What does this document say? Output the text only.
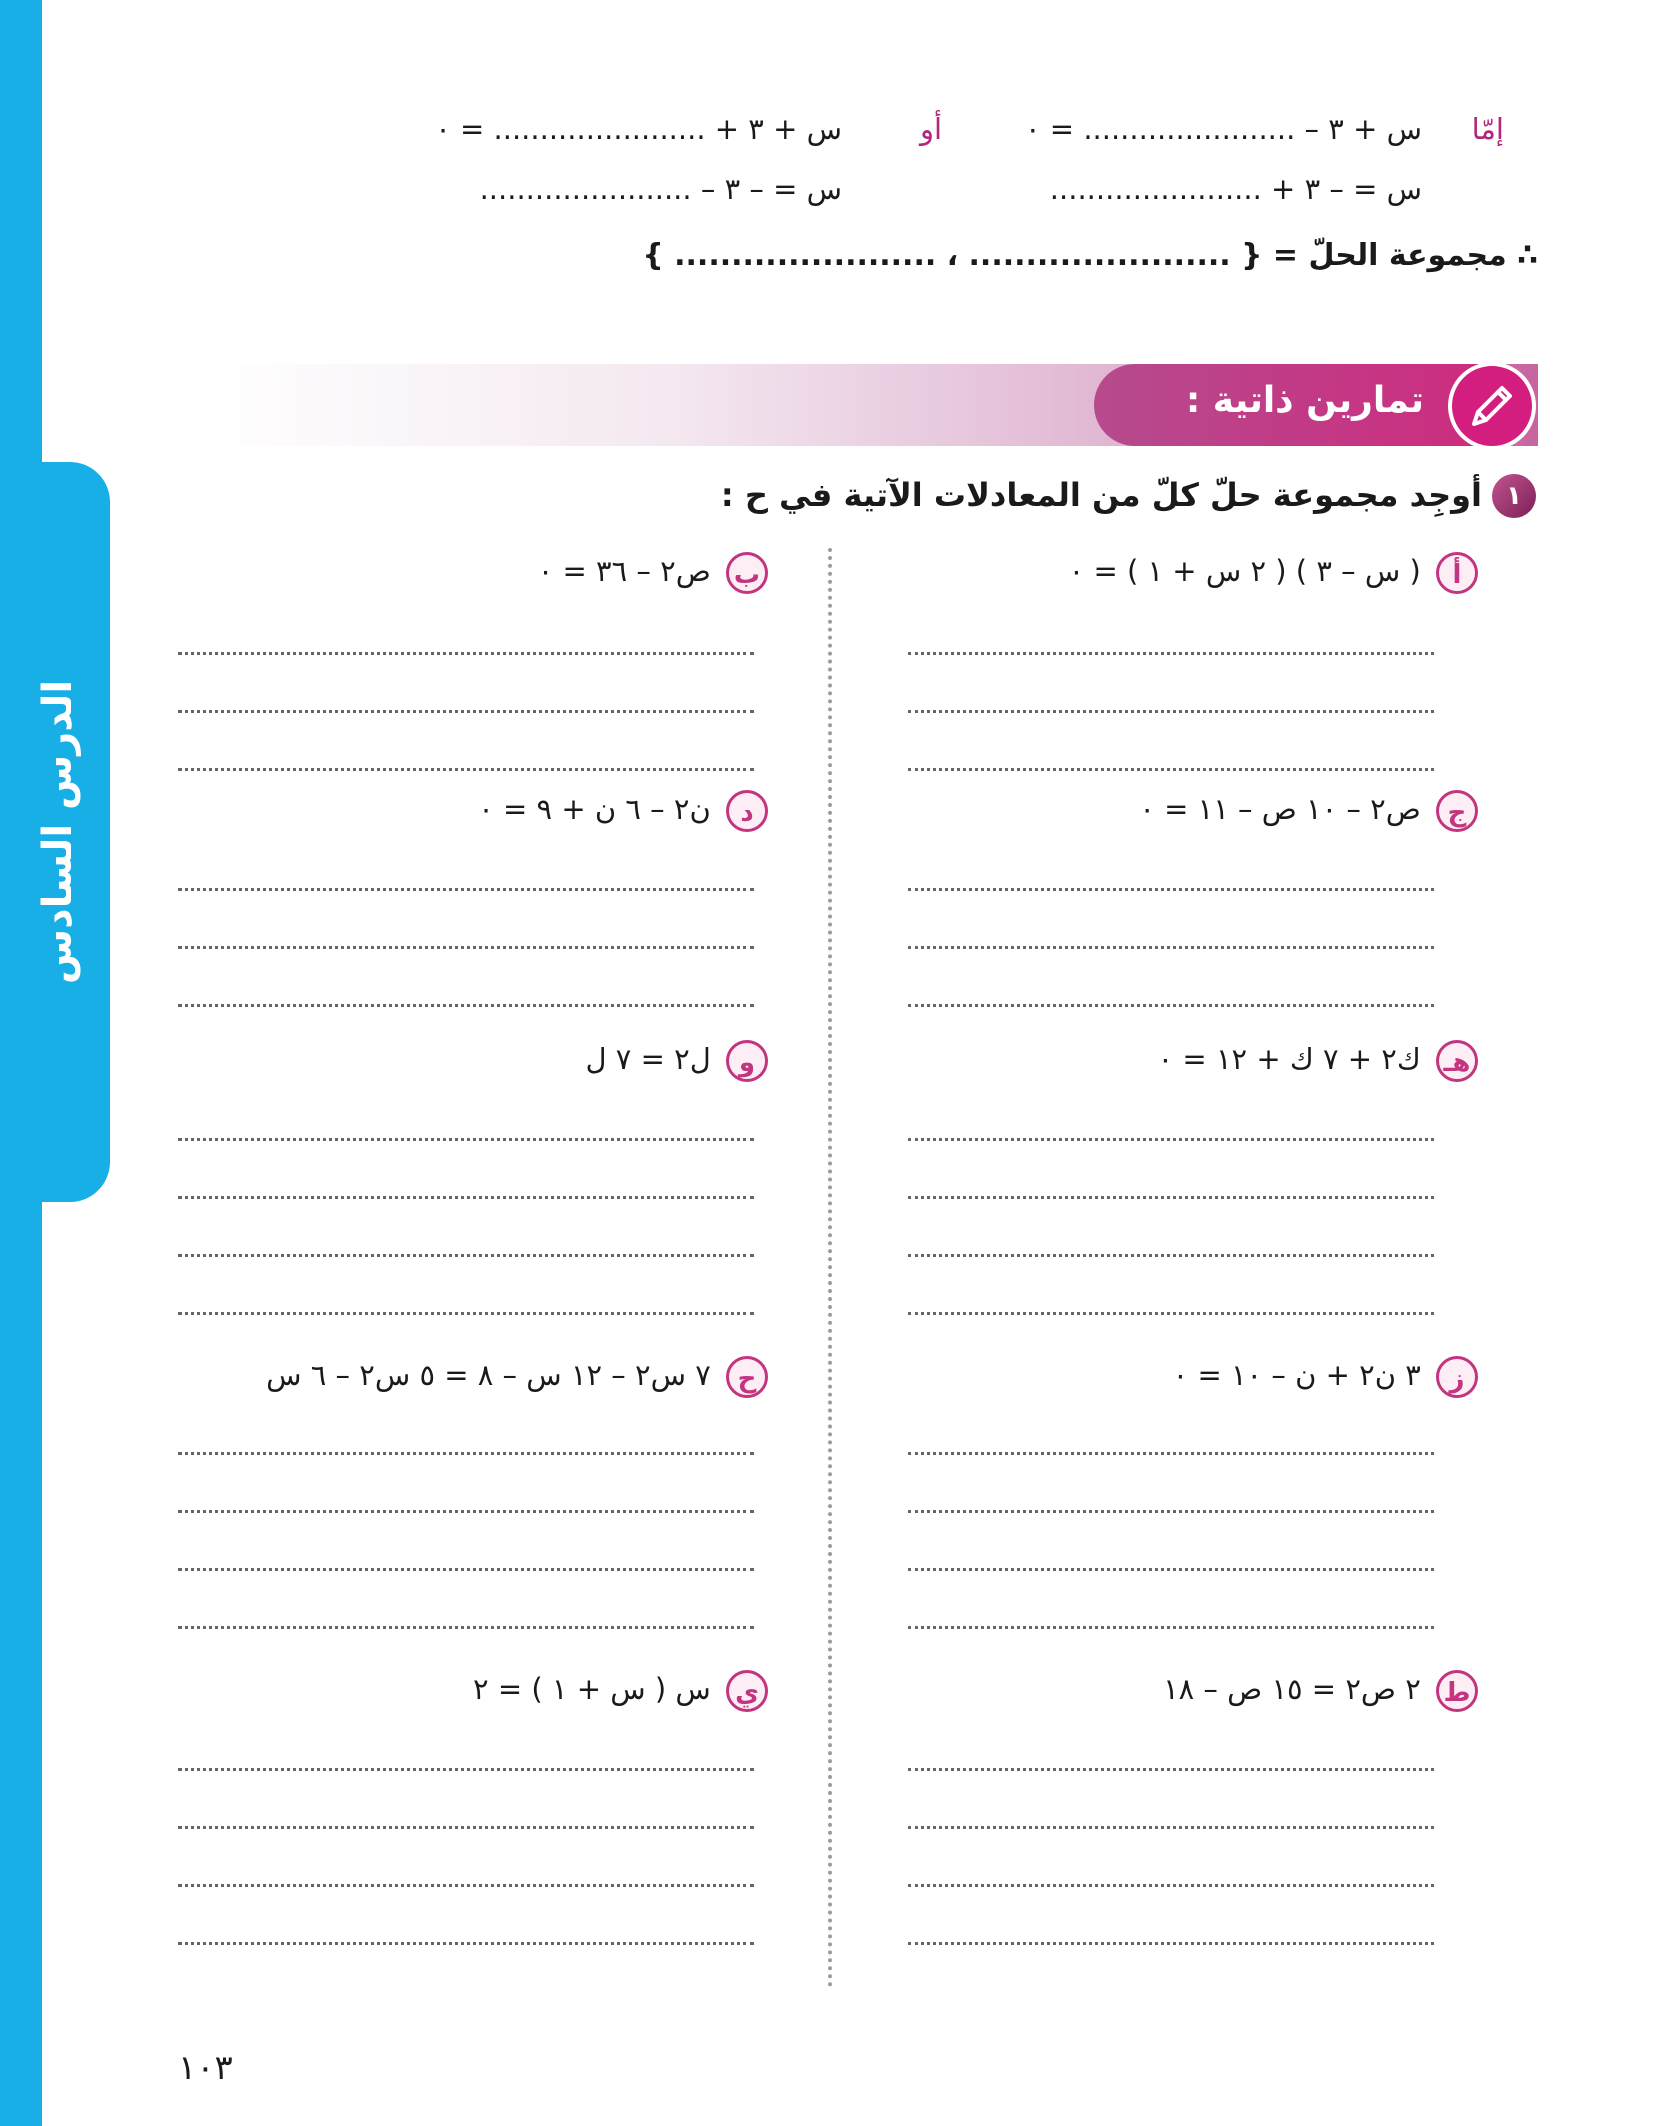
الدرس السادس
إمّا
س + ٣ – ....................... = ٠
أو
س + ٣ + ....................... = ٠
س = – ٣ + .......................
س = – ٣ – .......................
∴ مجموعة الحلّ = { ....................... ، ....................... }
تمارين ذاتية :
١
أوجِد مجموعة حلّ كلّ من المعادلات الآتية في ح :
أ ( س – ٣ ) ( ٢ س + ١ ) = ٠
ج ص٢ – ١٠ ص – ١١ = ٠
هـ ك٢ + ٧ ك + ١٢ = ٠
ز ٣ ن٢ + ن – ١٠ = ٠
ط ٢ ص٢ = ١٥ ص – ١٨
ب ص٢ – ٣٦ = ٠
د ن٢ – ٦ ن + ٩ = ٠
و ل٢ = ٧ ل
ح ٧ س٢ – ١٢ س – ٨ = ٥ س٢ – ٦ س
ي س ( س + ١ ) = ٢
١٠٣
